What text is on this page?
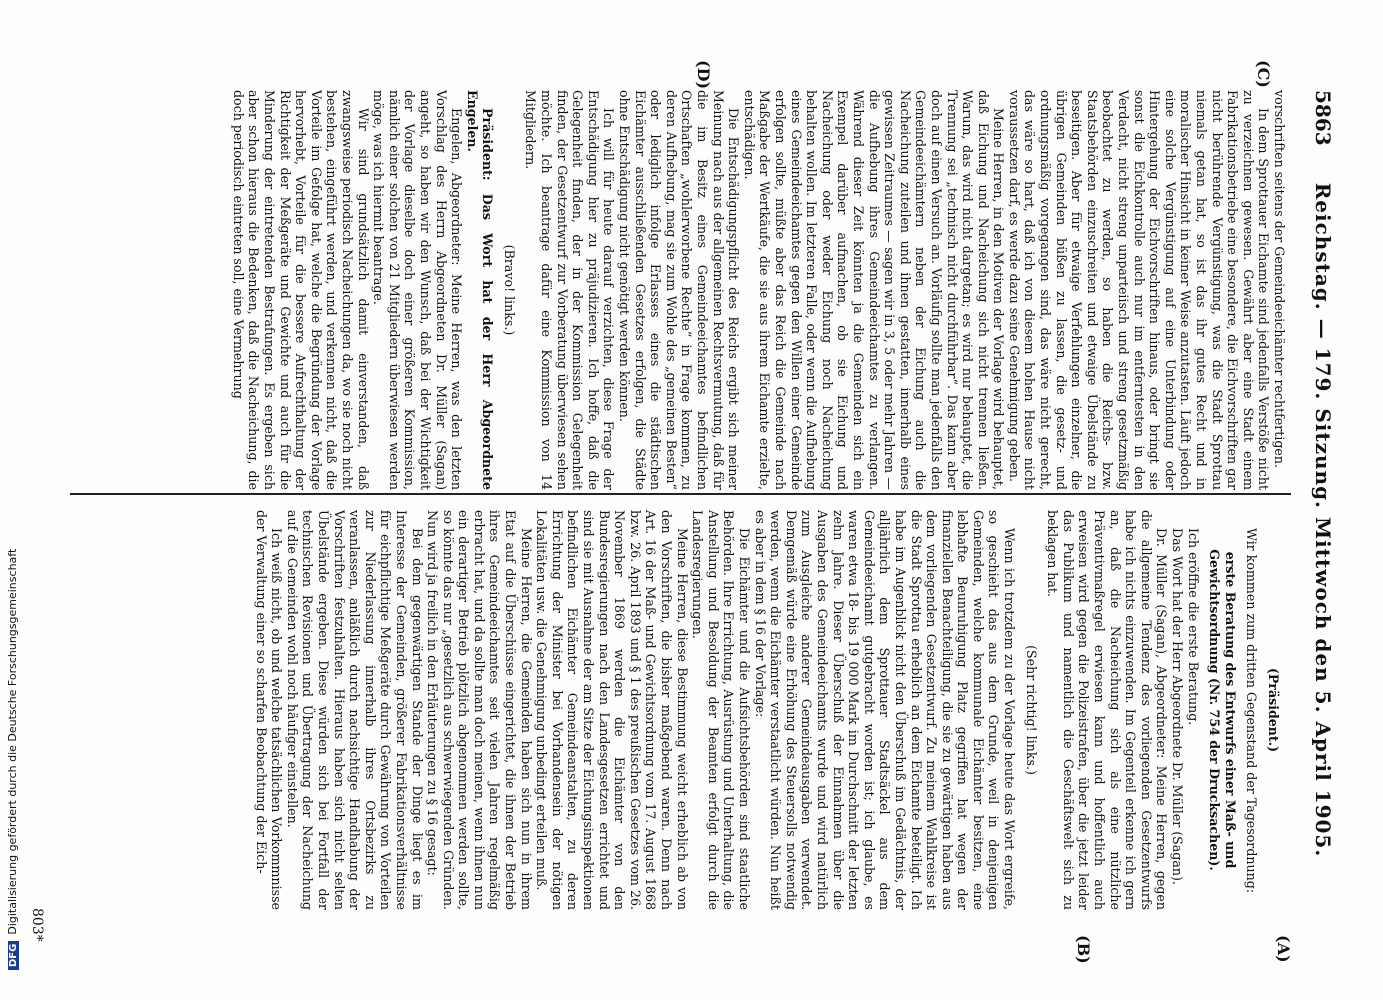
5863
Reichstag. — 179. Sitzung. Mittwoch den 5. April 1905.
(C)
(D)
(A)
(B)

vorschriften seitens der Gemeindeeichämter rechtfertigen.

In dem Sprottauer Eichamte sind jedenfalls Verstöße nicht zu verzeichnen gewesen. Gewährt aber eine Stadt einem Fabrikationsbetriebe eine besondere, die Eichvorschriften gar nicht berührende Vergünstigung, was die Stadt Sprottau niemals getan hat, so ist das ihr gutes Recht und in moralischer Hinsicht in keiner Weise anzutasten. Läuft jedoch eine solche Vergünstigung auf eine Unterbindung oder Hintergehung der Eichvorschriften hinaus, oder bringt sie sonst die Eichkontrolle auch nur im entferntesten in den Verdacht, nicht streng unparteiisch und streng gesetzmäßig beobachtet zu werden, so haben die Reichs- bzw. Staatsbehörden einzuschreiten und etwaige Übelstände zu beseitigen. Aber für etwaige Verfehlungen einzelner, die übrigen Gemeinden büßen zu lassen, die gesetz- und ordnungsmäßig vorgegangen sind, das wäre nicht gerecht, das wäre so hart, daß ich von diesem hohen Hause nicht voraussetzen darf, es werde dazu seine Genehmigung geben.

Meine Herren, in den Motiven der Vorlage wird behauptet, daß Eichung und Nacheichung sich nicht trennen ließen. Warum, das wird nicht dargetan; es wird nur behauptet, die Trennung sei „technisch nicht durchführbar“. Das kann aber doch auf einen Versuch an. Vorläufig sollte man jedenfalls den Gemeindeeichämtern neben der Eichung auch die Nacheichung zuteilen und ihnen gestatten, innerhalb eines gewissen Zeitraumes — sagen wir in 3, 5 oder mehr Jahren — die Aufhebung ihres Gemeindeeichamtes zu verlangen. Während dieser Zeit könnten ja die Gemeinden sich ein Exempel darüber aufmachen, ob sie Eichung und Nacheichung oder weder Eichung noch Nacheichung behalten wollen. Im letzteren Falle, oder wenn die Aufhebung eines Gemeindeeichamtes gegen den Willen einer Gemeinde erfolgen sollte, müßte aber das Reich die Gemeinde nach Maßgabe der Wertkäufe, die sie aus ihrem Eichamte erzielte, entschädigen.

Die Entschädigungspflicht des Reichs ergibt sich meiner Meinung nach aus der allgemeinen Rechtsvermutung, daß für die im Besitz eines Gemeindeeichamtes befindlichen Ortschaften „wohlerworbene Rechte“ in Frage kommen, zu deren Aufhebung, mag sie zum Wohle des „gemeinen Besten“ oder lediglich infolge Erlasses eines die städtischen Eichämter ausschließenden Gesetzes erfolgen, die Städte ohne Entschädigung nicht genötigt werden können.

Ich will für heute darauf verzichten, diese Frage der Entschädigung hier zu präjudizieren. Ich hoffe, daß die Gelegenheit finden, der in der Kommission Gelegenheit finden, der Gesetzentwurf zur Vorberatung überwiesen sehen möchte. Ich beantrage dafür eine Kommission von 14 Mitgliedern.

(Bravo! links.)

Präsident: Das Wort hat der Herr Abgeordnete Engelen.

Engelen, Abgeordneter: Meine Herren, was den letzten Vorschlag des Herrn Abgeordneten Dr. Müller (Sagan) angeht, so haben wir den Wunsch, daß bei der Wichtigkeit der Vorlage dieselbe doch einer größeren Kommission, nämlich einer solchen von 21 Mitgliedern überwiesen werden möge, was ich hiermit beantrage.

Wir sind grundsätzlich damit einverstanden, daß zwangsweise periodisch Nacheichungen da, wo sie noch nicht bestehen, eingeführt werden, und verkennen nicht, daß die Vorteile im Gefolge hat, welche die Begründung der Vorlage hervorhebt, Vorteile für die bessere Aufrechthaltung der Richtigkeit der Meßgeräte und Gewichte und auch für die Minderung der eintretenden Bestrafungen. Es ergeben sich aber schon hieraus die Bedenken, daß die Nacheichung, die doch periodisch eintreten soll, eine Vermehrung

(Präsident.)

Wir kommen zum dritten Gegenstand der Tagesordnung:

erste Beratung des Entwurfs einer Maß- und Gewichtsordnung (Nr. 754 der Drucksachen).

Ich eröffne die erste Beratung.

Das Wort hat der Herr Abgeordnete Dr. Müller (Sagan).

Dr. Müller (Sagan), Abgeordneter: Meine Herren, gegen die allgemeine Tendenz des vorliegenden Gesetzentwurfs habe ich nichts einzuwenden. Im Gegenteil erkenne ich gern an, daß die Nacheichung sich als eine nützliche Präventivmaßregel erwiesen kann und hoffentlich auch erweisen wird gegen die Polizeistrafen, über die jetzt leider das Publikum und namentlich die Geschäftswelt sich zu beklagen hat.

(Sehr richtig! links.)

Wenn ich trotzdem zu der Vorlage heute das Wort ergreife, so geschieht das aus dem Grunde, weil in denjenigen Gemeinden, welche kommunale Eichämter besitzen, eine lebhafte Beunruhigung Platz gegriffen hat wegen der finanziellen Benachteiligung, die sie zu gewärtigen haben aus dem vorliegenden Gesetzentwurf. Zu meinem Wahlkreise ist die Stadt Sprottau erheblich an dem Eichamte beteiligt. Ich habe im Augenblick nicht den Überschuß im Gedächtnis, der alljährlich dem Sprottauer Stadtsäckel aus dem Gemeindeeichamt gutgebracht worden ist; ich glaube, es waren etwa 18- bis 19 000 Mark im Durchschnitt der letzten zehn Jahre. Dieser Überschuß der Einnahmen über die Ausgaben des Gemeindeeichamts wurde und wird natürlich zum Ausgleiche anderer Gemeindeausgaben verwendet. Demgemäß würde eine Erhöhung des Steuersolls notwendig werden, wenn die Eichämter verstaatlicht würden. Nun heißt es aber in dem § 16 der Vorlage:

Die Eichämter und die Aufsichtsbehörden sind staatliche Behörden. Ihre Errichtung, Ausrüstung und Unterhaltung, die Anstellung und Besoldung der Beamten erfolgt durch die Landesregierungen.

Meine Herren, diese Bestimmung weicht erheblich ab von den Vorschriften, die bisher maßgebend waren. Denn nach Art. 16 der Maß- und Gewichtsordnung vom 17. August 1868 bzw. 26. April 1893 und § 1 des preußischen Gesetzes vom 26. November 1869 werden die Eichämter von den Bundesregierungen nach den Landesgesetzen errichtet und sind sie mit Ausnahme der am Sitze der Eichungsinspektionen befindlichen Eichämter Gemeindeanstalten, zu deren Errichtung der Minister bei Vorhandensein der nötigen Lokalitäten usw. die Genehmigung unbedingt erteilen muß.

Meine Herren, die Gemeinden haben sich nun in ihrem Etat auf die Überschüsse eingerichtet, die ihnen der Betrieb ihres Gemeindeeichamtes seit vielen Jahren regelmäßig erbracht hat, und da sollte man doch meinen, wenn ihnen nun ein derartiger Betrieb plötzlich abgenommen werden sollte, so könnte das nur „gesetzlich aus schwerwiegenden Gründen. Nun wird ja freilich in den Erläuterungen zu § 16 gesagt:

Bei dem gegenwärtigen Stande der Dinge liegt es im Interesse der Gemeinden, größerer Fabrikationsverhältnisse für eichpflichtige Meßgeräte durch Gewährung von Vorteilen zur Niederlassung innerhalb ihres Ortsbezirks zu veranlassen, anläßlich durch nachsichtige Handhabung der Vorschriften festzuhalten. Hieraus haben sich nicht selten Übelstände ergeben. Diese würden sich bei Fortfall der technischen Revisionen und Übertragung der Nacheichung auf die Gemeinden wohl noch häufiger einstellen.

Ich weiß nicht, ob und welche tatsächlichen Vorkommnisse der Verwaltung einer so scharfen Beobachtung der Eich-

803*
DFGDigitalisierung gefördert durch die Deutsche Forschungsgemeinschaft
